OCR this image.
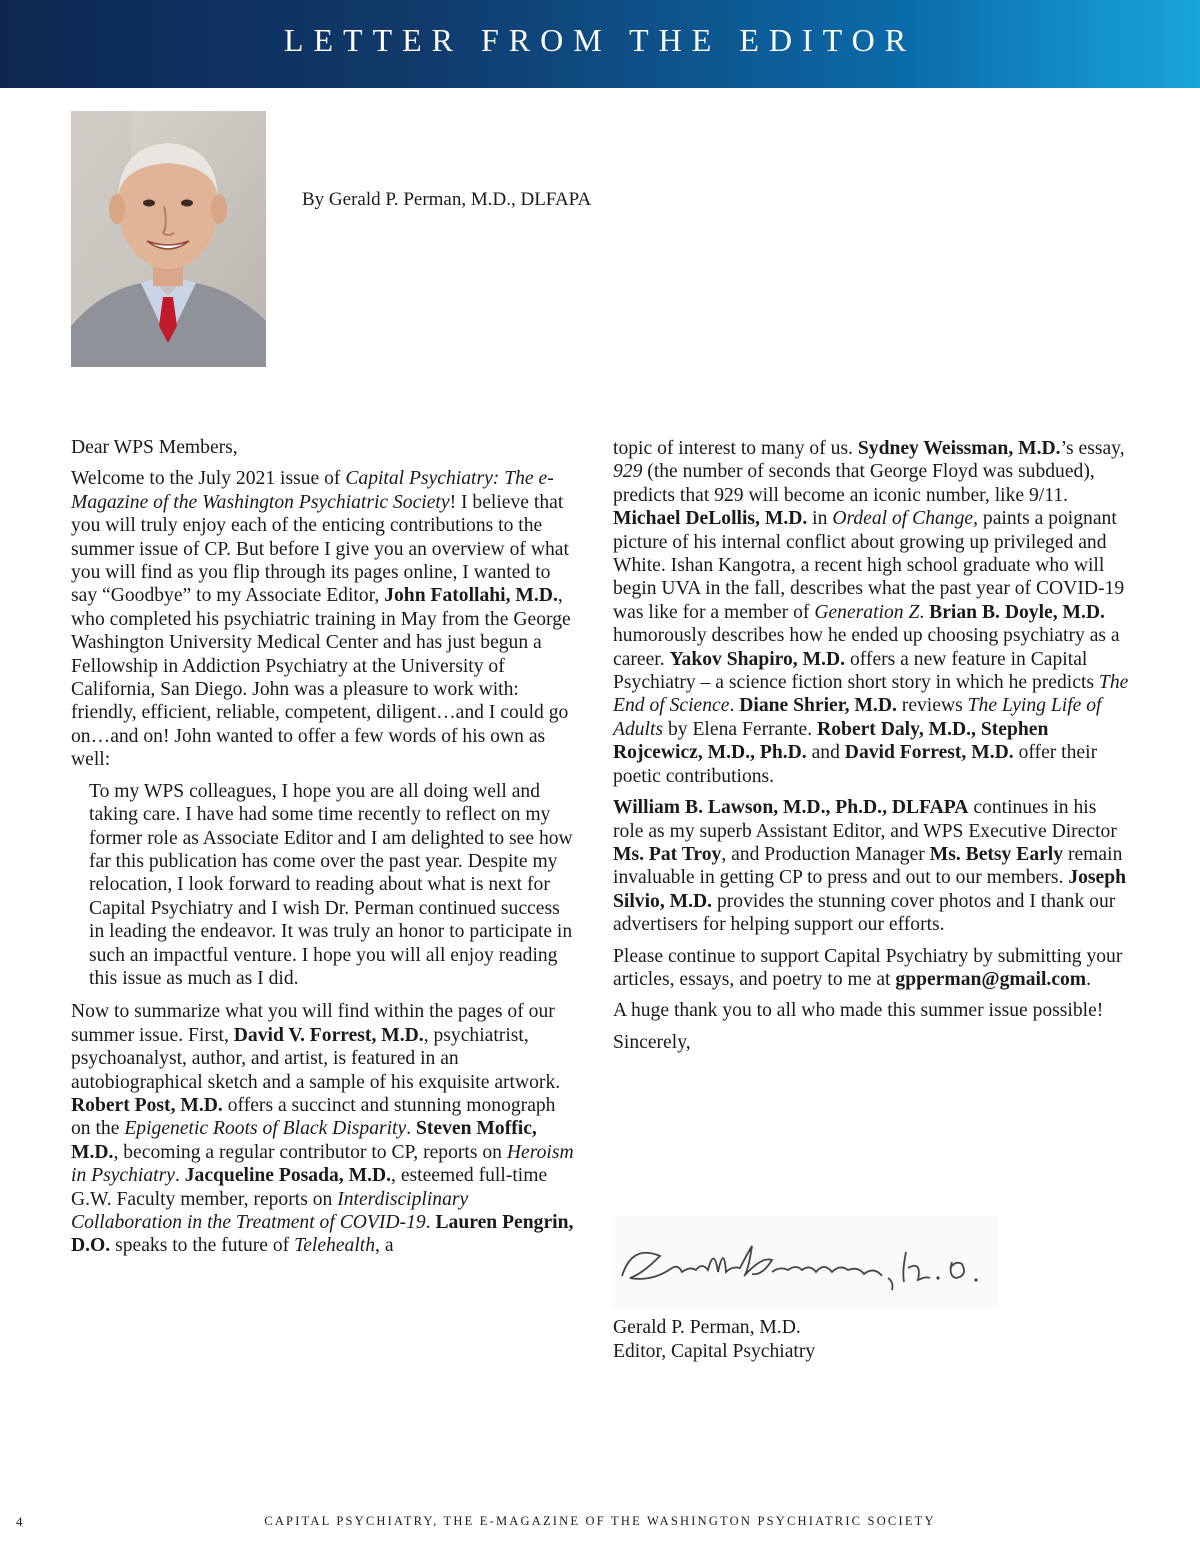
LETTER FROM THE EDITOR
By Gerald P. Perman, M.D., DLFAPA

Dear WPS Members,

Welcome to the July 2021 issue of Capital Psychiatry: The e-Magazine of the Washington Psychiatric Society! I believe that you will truly enjoy each of the enticing contributions to the summer issue of CP. But before I give you an overview of what you will find as you flip through its pages online, I wanted to say “Goodbye” to my Associate Editor, John Fatollahi, M.D., who completed his psychiatric training in May from the George Washington University Medical Center and has just begun a Fellowship in Addiction Psychiatry at the University of California, San Diego. John was a pleasure to work with: friendly, efficient, reliable, competent, diligent…and I could go on…and on! John wanted to offer a few words of his own as well:

To my WPS colleagues, I hope you are all doing well and taking care. I have had some time recently to reflect on my former role as Associate Editor and I am delighted to see how far this publication has come over the past year. Despite my relocation, I look forward to reading about what is next for Capital Psychiatry and I wish Dr. Perman continued success in leading the endeavor. It was truly an honor to participate in such an impactful venture. I hope you will all enjoy reading this issue as much as I did.

Now to summarize what you will find within the pages of our summer issue. First, David V. Forrest, M.D., psychiatrist, psychoanalyst, author, and artist, is featured in an autobiographical sketch and a sample of his exquisite artwork. Robert Post, M.D. offers a succinct and stunning monograph on the Epigenetic Roots of Black Disparity. Steven Moffic, M.D., becoming a regular contributor to CP, reports on Heroism in Psychiatry. Jacqueline Posada, M.D., esteemed full-time G.W. Faculty member, reports on Interdisciplinary Collaboration in the Treatment of COVID-19. Lauren Pengrin, D.O. speaks to the future of Telehealth, a

topic of interest to many of us. Sydney Weissman, M.D.’s essay, 929 (the number of seconds that George Floyd was subdued), predicts that 929 will become an iconic number, like 9/11. Michael DeLollis, M.D. in Ordeal of Change, paints a poignant picture of his internal conflict about growing up privileged and White. Ishan Kangotra, a recent high school graduate who will begin UVA in the fall, describes what the past year of COVID-19 was like for a member of Generation Z. Brian B. Doyle, M.D. humorously describes how he ended up choosing psychiatry as a career. Yakov Shapiro, M.D. offers a new feature in Capital Psychiatry – a science fiction short story in which he predicts The End of Science. Diane Shrier, M.D. reviews The Lying Life of Adults by Elena Ferrante. Robert Daly, M.D., Stephen Rojcewicz, M.D., Ph.D. and David Forrest, M.D. offer their poetic contributions.

William B. Lawson, M.D., Ph.D., DLFAPA continues in his role as my superb Assistant Editor, and WPS Executive Director Ms. Pat Troy, and Production Manager Ms. Betsy Early remain invaluable in getting CP to press and out to our members. Joseph Silvio, M.D. provides the stunning cover photos and I thank our advertisers for helping support our efforts.

Please continue to support Capital Psychiatry by submitting your articles, essays, and poetry to me at gpperman@gmail.com.

A huge thank you to all who made this summer issue possible!

Sincerely,

Gerald P. Perman, M.D.
Editor, Capital Psychiatry
4	CAPITAL PSYCHIATRY, THE E-MAGAZINE OF THE WASHINGTON PSYCHIATRIC SOCIETY
